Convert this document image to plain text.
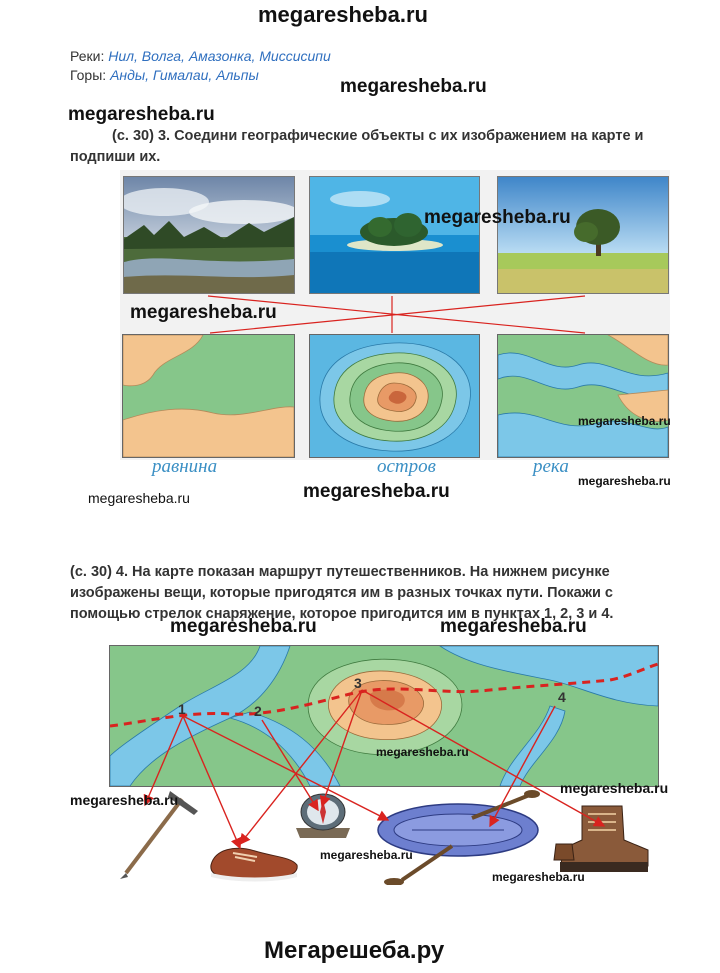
megaresheba.ru
Реки: Нил, Волга, Амазонка, Миссисипи
Горы: Анды, Гималаи, Альпы
megaresheba.ru
megaresheba.ru
(с. 30) 3. Соедини географические объекты с их изображением на карте и
подпиши их.
megaresheba.ru
megaresheba.ru
megaresheba.ru
равнина	остров	река
megaresheba.ru
megaresheba.ru
megaresheba.ru
(с. 30) 4. На карте показан маршрут путешественников. На нижнем рисунке
изображены вещи, которые пригодятся им в разных точках пути. Покажи с
помощью стрелок снаряжение, которое пригодится им в пунктах 1, 2, 3 и 4.
megaresheba.ru	megaresheba.ru
1	2
3
4
megaresheba.ru
megaresheba.ru
megaresheba.ru
megaresheba.ru
megaresheba.ru
Мегарешеба.ру
